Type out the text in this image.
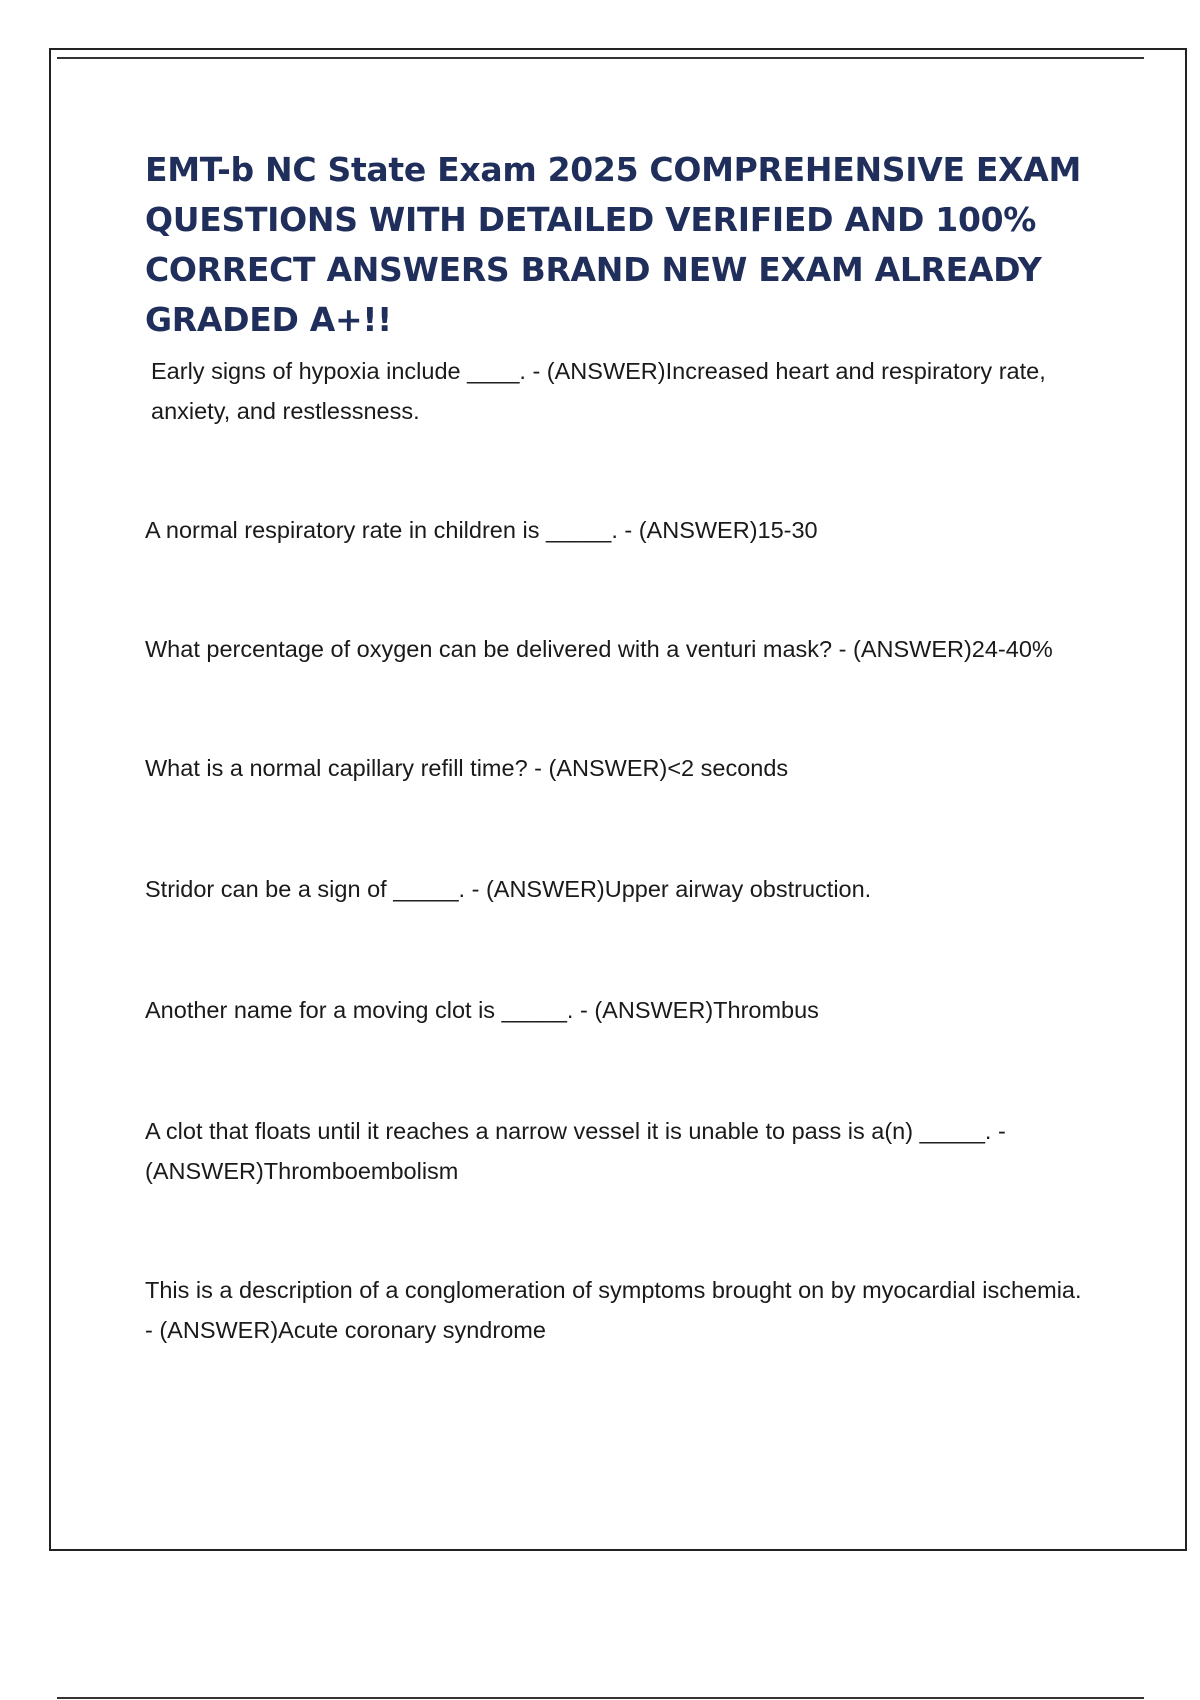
EMT-b NC State Exam 2025 COMPREHENSIVE EXAM QUESTIONS WITH DETAILED VERIFIED AND 100% CORRECT ANSWERS BRAND NEW EXAM ALREADY GRADED A+!!
Early signs of hypoxia include ____. - (ANSWER)Increased heart and respiratory rate, anxiety, and restlessness.
A normal respiratory rate in children is _____. - (ANSWER)15-30
What percentage of oxygen can be delivered with a venturi mask? - (ANSWER)24-40%
What is a normal capillary refill time? - (ANSWER)<2 seconds
Stridor can be a sign of _____. - (ANSWER)Upper airway obstruction.
Another name for a moving clot is _____. - (ANSWER)Thrombus
A clot that floats until it reaches a narrow vessel it is unable to pass is a(n) _____. - (ANSWER)Thromboembolism
This is a description of a conglomeration of symptoms brought on by myocardial ischemia. - (ANSWER)Acute coronary syndrome
